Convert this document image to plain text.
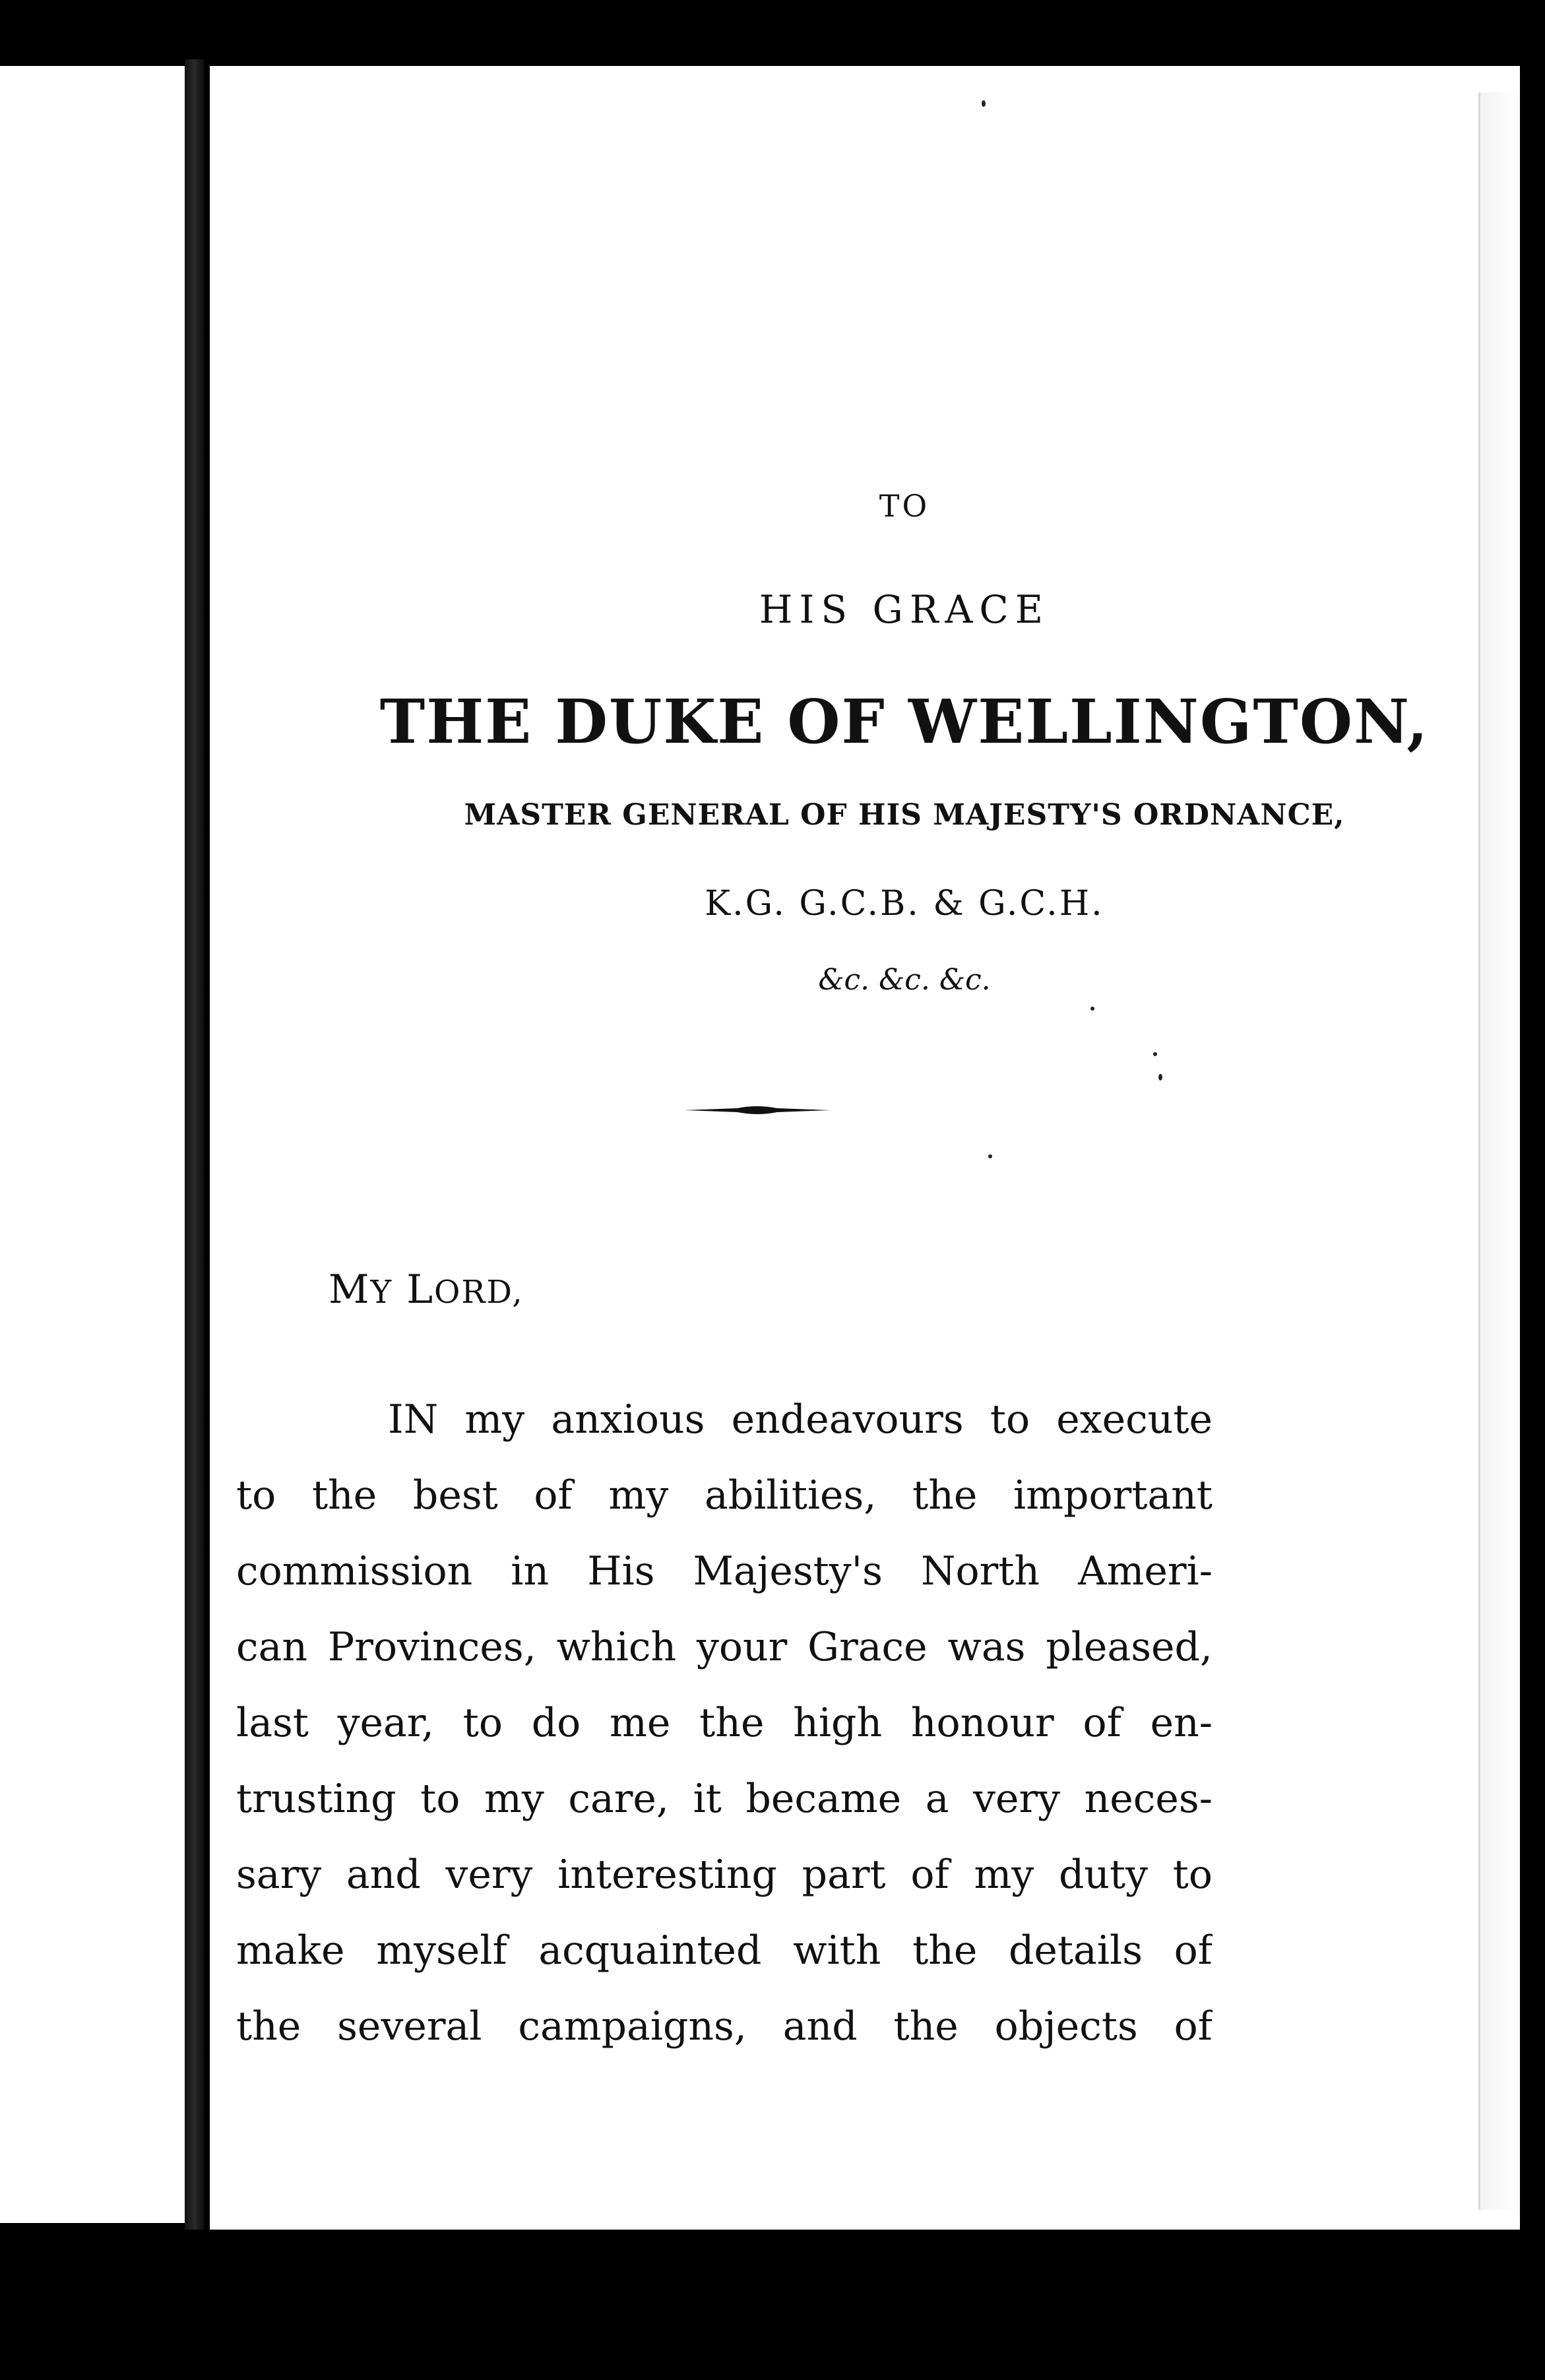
TO
HIS GRACE
THE DUKE OF WELLINGTON,
MASTER GENERAL OF HIS MAJESTY'S ORDNANCE,
K.G. G.C.B. & G.C.H.
&c. &c. &c.
MY LORD,
IN my anxious endeavours to execute
to the best of my abilities, the important
commission in His Majesty's North Ameri-
can Provinces, which your Grace was pleased,
last year, to do me the high honour of en-
trusting to my care, it became a very neces-
sary and very interesting part of my duty to
make myself acquainted with the details of
the several campaigns, and the objects of
